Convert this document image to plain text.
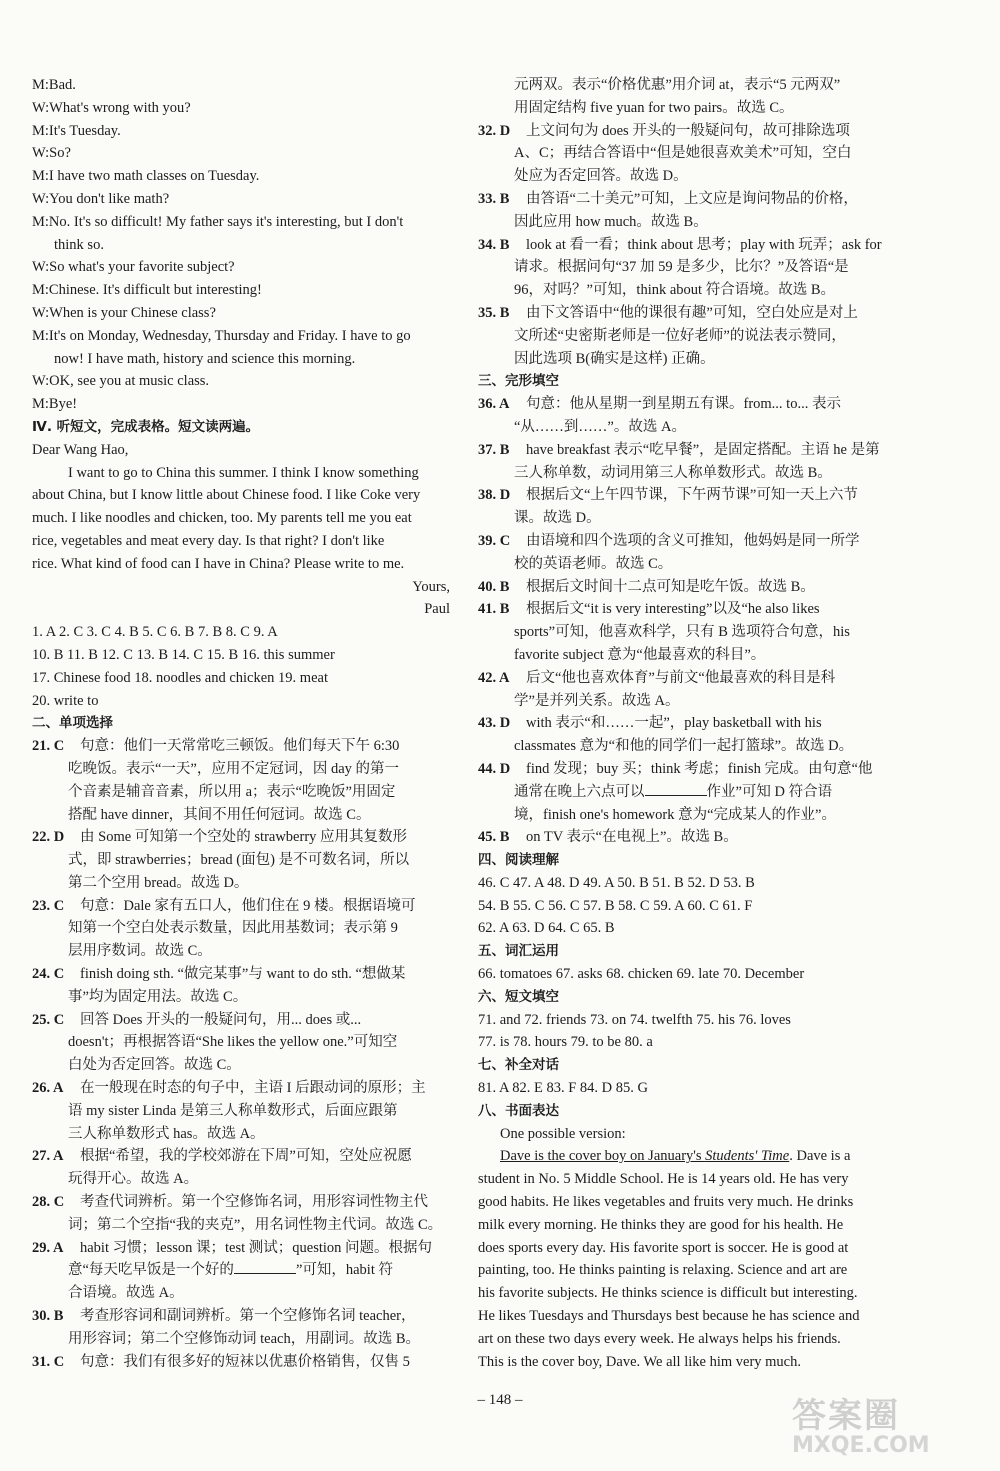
M:Bad.
W:What's wrong with you?
M:It's Tuesday.
W:So?
M:I have two math classes on Tuesday.
W:You don't like math?
M:No. It's so difficult! My father says it's interesting, but I don't
think so.
W:So what's your favorite subject?
M:Chinese. It's difficult but interesting!
W:When is your Chinese class?
M:It's on Monday, Wednesday, Thursday and Friday. I have to go
now! I have math, history and science this morning.
W:OK, see you at music class.
M:Bye!
Ⅳ. 听短文，完成表格。短文读两遍。
Dear Wang Hao,
I want to go to China this summer. I think I know something
about China, but I know little about Chinese food. I like Coke very
much. I like noodles and chicken, too. My parents tell me you eat
rice, vegetables and meat every day. Is that right? I don't like
rice. What kind of food can I have in China? Please write to me.
Yours,
Paul
1. A 2. C 3. C 4. B 5. C 6. B 7. B 8. C 9. A
10. B 11. B 12. C 13. B 14. C 15. B 16. this summer
17. Chinese food 18. noodles and chicken 19. meat
20. write to
二、单项选择
21. C 句意：他们一天常常吃三顿饭。他们每天下午 6:30
吃晚饭。表示“一天”，应用不定冠词，因 day 的第一
个音素是辅音音素，所以用 a；表示“吃晚饭”用固定
搭配 have dinner，其间不用任何冠词。故选 C。
22. D 由 Some 可知第一个空处的 strawberry 应用其复数形
式，即 strawberries；bread (面包) 是不可数名词，所以
第二个空用 bread。故选 D。
23. C 句意：Dale 家有五口人，他们住在 9 楼。根据语境可
知第一个空白处表示数量，因此用基数词；表示第 9
层用序数词。故选 C。
24. C finish doing sth. “做完某事”与 want to do sth. “想做某
事”均为固定用法。故选 C。
25. C 回答 Does 开头的一般疑问句，用... does 或...
doesn't；再根据答语“She likes the yellow one.”可知空
白处为否定回答。故选 C。
26. A 在一般现在时态的句子中，主语 I 后跟动词的原形；主
语 my sister Linda 是第三人称单数形式，后面应跟第
三人称单数形式 has。故选 A。
27. A 根据“希望，我的学校郊游在下周”可知，空处应祝愿
玩得开心。故选 A。
28. C 考查代词辨析。第一个空修饰名词，用形容词性物主代
词；第二个空指“我的夹克”，用名词性物主代词。故选 C。
29. A habit 习惯；lesson 课；test 测试；question 问题。根据句
意“每天吃早饭是一个好的	”可知，habit 符
合语境。故选 A。
30. B 考查形容词和副词辨析。第一个空修饰名词 teacher，
用形容词；第二个空修饰动词 teach，用副词。故选 B。
31. C 句意：我们有很多好的短袜以优惠价格销售，仅售 5
元两双。表示“价格优惠”用介词 at，表示“5 元两双”
用固定结构 five yuan for two pairs。故选 C。
32. D 上文问句为 does 开头的一般疑问句，故可排除选项
A、C；再结合答语中“但是她很喜欢美术”可知，空白
处应为否定回答。故选 D。
33. B 由答语“二十美元”可知，上文应是询问物品的价格，
因此应用 how much。故选 B。
34. B look at 看一看；think about 思考；play with 玩弄；ask for
请求。根据问句“37 加 59 是多少，比尔？”及答语“是
96，对吗？”可知，think about 符合语境。故选 B。
35. B 由下文答语中“他的课很有趣”可知，空白处应是对上
文所述“史密斯老师是一位好老师”的说法表示赞同，
因此选项 B(确实是这样) 正确。
三、完形填空
36. A 句意：他从星期一到星期五有课。from... to... 表示
“从……到……”。故选 A。
37. B have breakfast 表示“吃早餐”，是固定搭配。主语 he 是第
三人称单数，动词用第三人称单数形式。故选 B。
38. D 根据后文“上午四节课，下午两节课”可知一天上六节
课。故选 D。
39. C 由语境和四个选项的含义可推知，他妈妈是同一所学
校的英语老师。故选 C。
40. B 根据后文时间十二点可知是吃午饭。故选 B。
41. B 根据后文“it is very interesting”以及“he also likes
sports”可知，他喜欢科学，只有 B 选项符合句意，his
favorite subject 意为“他最喜欢的科目”。
42. A 后文“他也喜欢体育”与前文“他最喜欢的科目是科
学”是并列关系。故选 A。
43. D with 表示“和……一起”，play basketball with his
classmates 意为“和他的同学们一起打篮球”。故选 D。
44. D find 发现；buy 买；think 考虑；finish 完成。由句意“他
通常在晚上六点可以	作业”可知 D 符合语
境，finish one's homework 意为“完成某人的作业”。
45. B on TV 表示“在电视上”。故选 B。
四、阅读理解
46. C 47. A 48. D 49. A 50. B 51. B 52. D 53. B
54. B 55. C 56. C 57. B 58. C 59. A 60. C 61. F
62. A 63. D 64. C 65. B
五、词汇运用
66. tomatoes 67. asks 68. chicken 69. late 70. December
六、短文填空
71. and 72. friends 73. on 74. twelfth 75. his 76. loves
77. is 78. hours 79. to be 80. a
七、补全对话
81. A 82. E 83. F 84. D 85. G
八、书面表达
One possible version:
Dave is the cover boy on January's Students' Time. Dave is a
student in No. 5 Middle School. He is 14 years old. He has very
good habits. He likes vegetables and fruits very much. He drinks
milk every morning. He thinks they are good for his health. He
does sports every day. His favorite sport is soccer. He is good at
painting, too. He thinks painting is relaxing. Science and art are
his favorite subjects. He thinks science is difficult but interesting.
He likes Tuesdays and Thursdays best because he has science and
art on these two days every week. He always helps his friends.
This is the cover boy, Dave. We all like him very much.
– 148 –	答案圈
MXQE.COM
